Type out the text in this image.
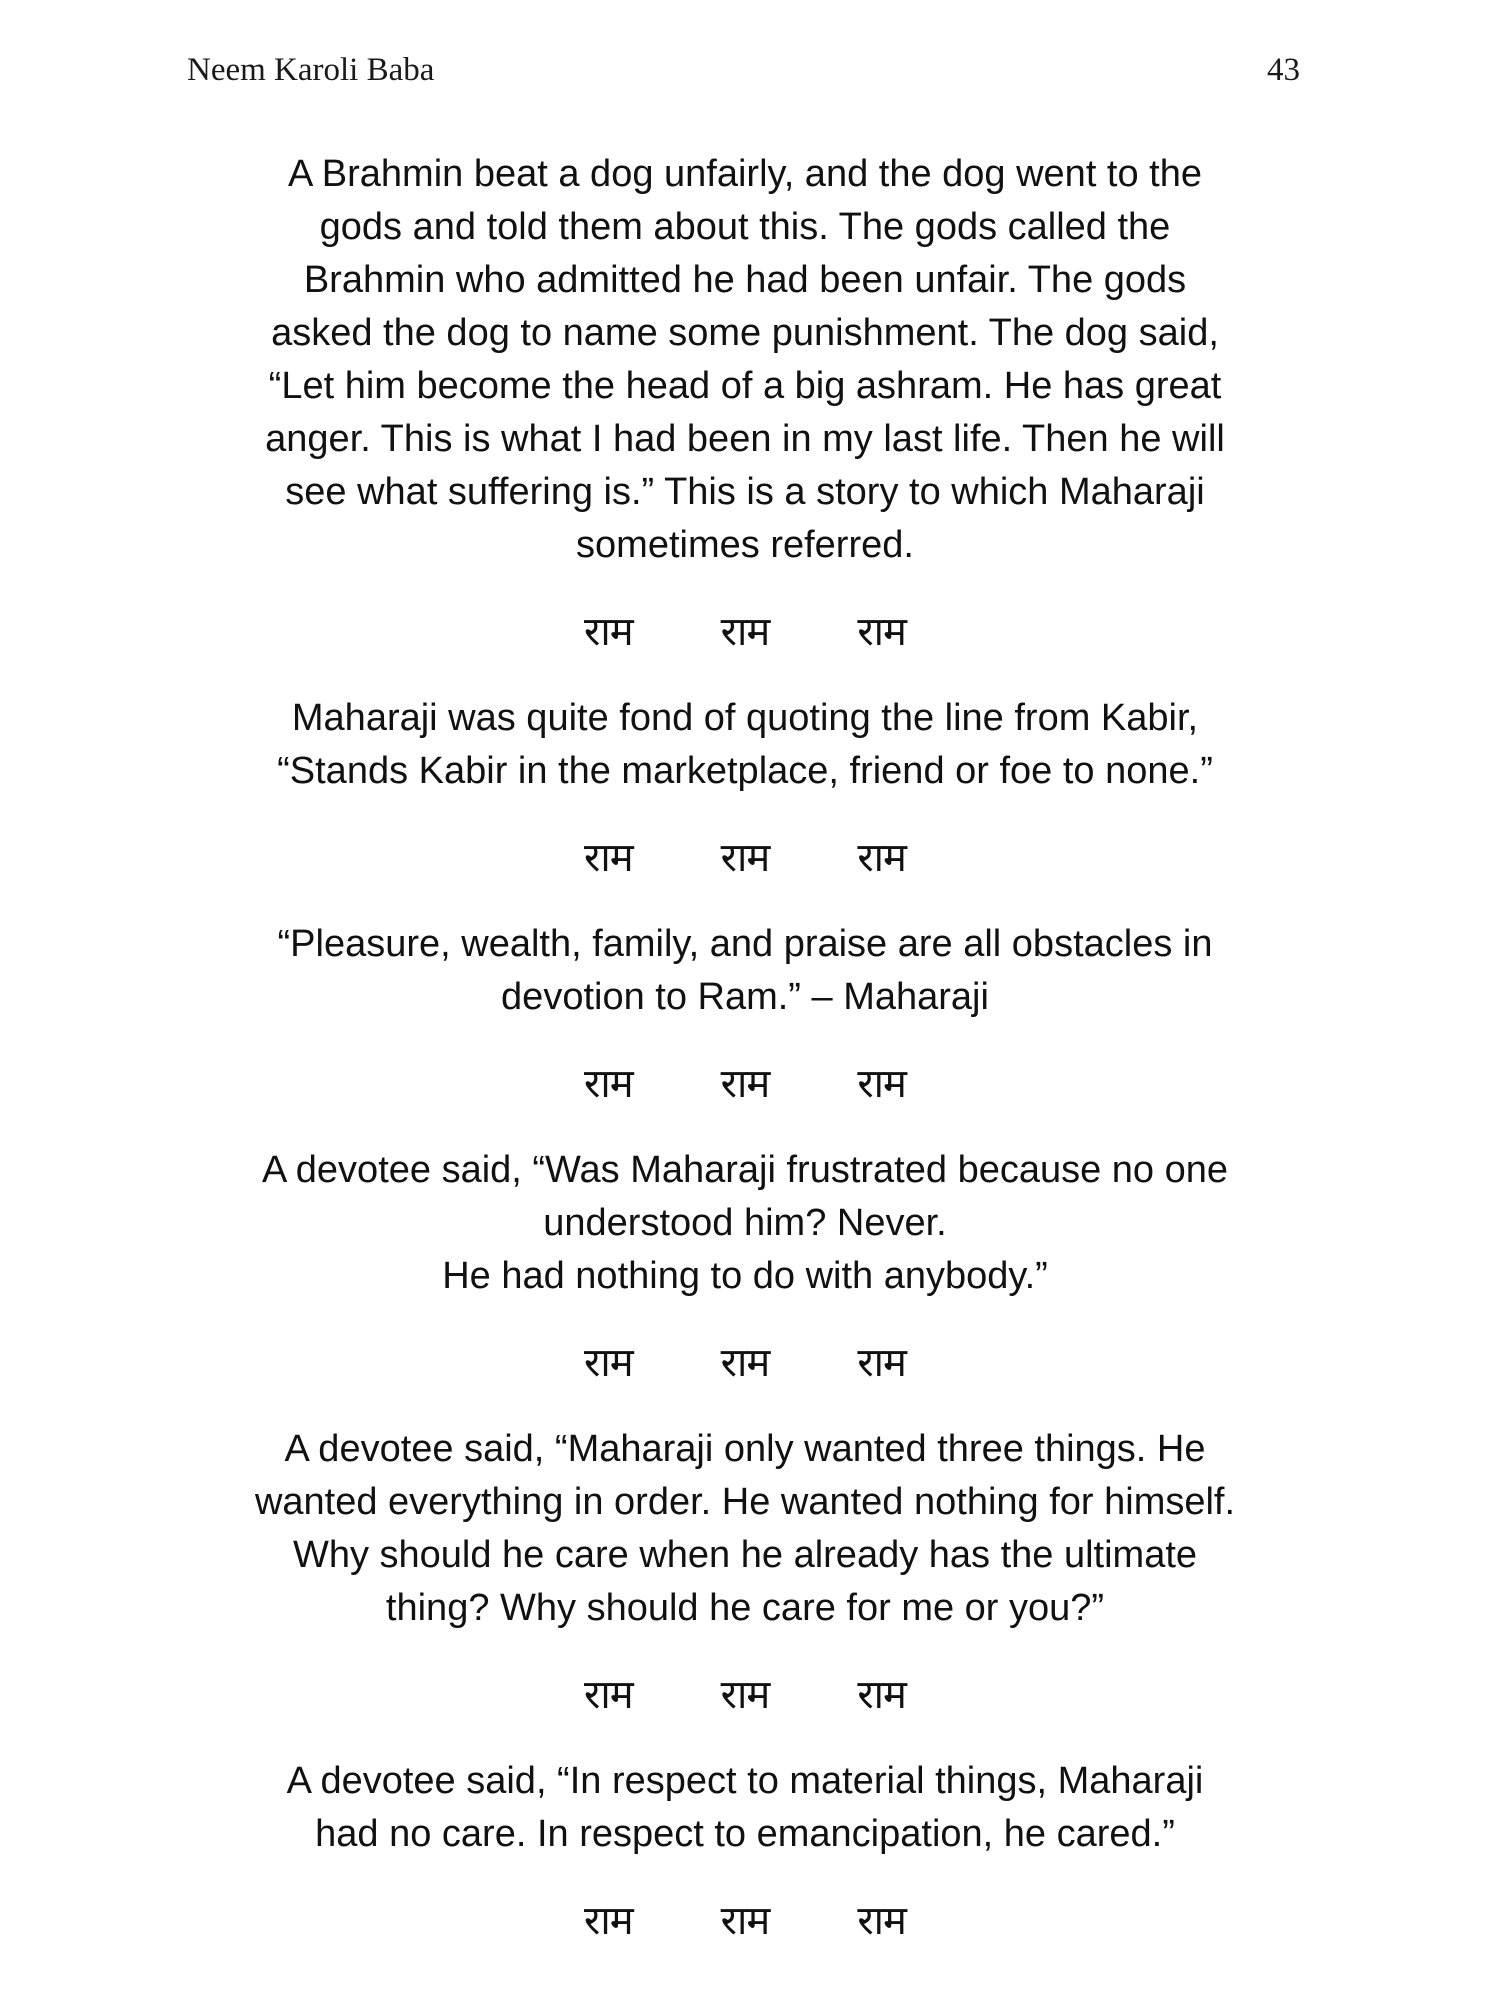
Neem Karoli Baba	43
A Brahmin beat a dog unfairly, and the dog went to the
gods and told them about this. The gods called the
Brahmin who admitted he had been unfair. The gods
asked the dog to name some punishment. The dog said,
“Let him become the head of a big ashram. He has great
anger. This is what I had been in my last life. Then he will
see what suffering is.” This is a story to which Maharaji
sometimes referred.
राम राम राम
Maharaji was quite fond of quoting the line from Kabir,
“Stands Kabir in the marketplace, friend or foe to none.”
राम राम राम
“Pleasure, wealth, family, and praise are all obstacles in
devotion to Ram.” – Maharaji
राम राम राम
A devotee said, “Was Maharaji frustrated because no one
understood him? Never.
He had nothing to do with anybody.”
राम राम राम
A devotee said, “Maharaji only wanted three things. He
wanted everything in order. He wanted nothing for himself.
Why should he care when he already has the ultimate
thing? Why should he care for me or you?”
राम राम राम
A devotee said, “In respect to material things, Maharaji
had no care. In respect to emancipation, he cared.”
राम राम राम
